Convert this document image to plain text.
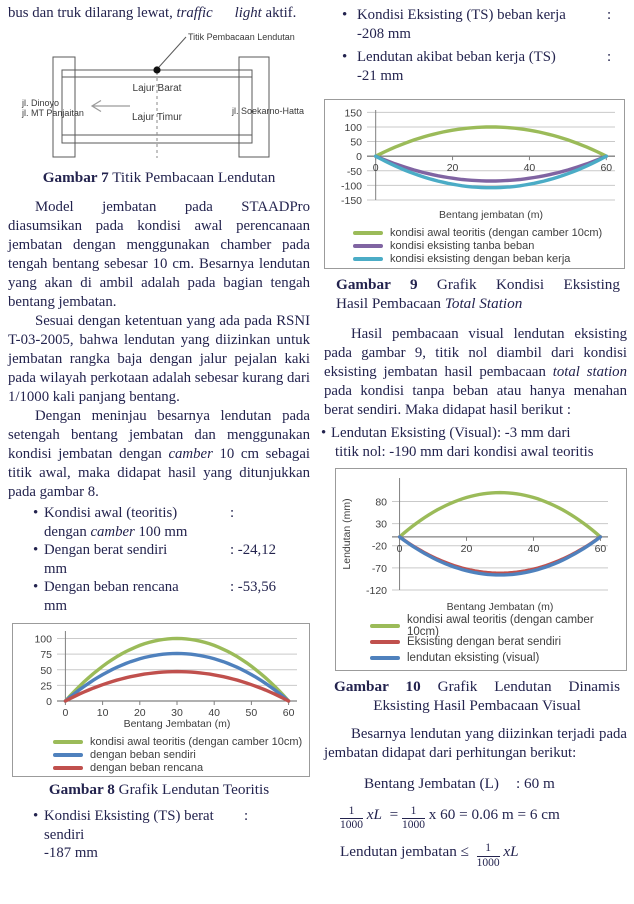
bus dan truk dilarang lewat, traffic light aktif.

Titik Pembacaan Lendutan
Lajur Barat
Lajur Timur
jl. Dinoyo
jl. MT Panjaitan	jl. Soekarno-Hatta
Gambar 7 Titik Pembacaan Lendutan

Model jembatan pada STAADPro diasumsikan pada kondisi awal perencanaan jembatan dengan menggunakan chamber pada tengah bentang sebesar 10 cm. Besarnya lendutan yang akan di ambil adalah pada bagian tengah bentang jembatan.

Sesuai dengan ketentuan yang ada pada RSNI T-03-2005, bahwa lendutan yang diizinkan untuk jembatan rangka baja dengan jalur pejalan kaki pada wilayah perkotaan adalah sebesar kurang dari 1/1000 kali panjang bentang.

Dengan meninjau besarnya lendutan pada setengah bentang jembatan dan menggunakan kondisi jembatan dengan camber 10 cm sebagai titik awal, maka didapat hasil yang ditunjukkan pada gambar 8.

• Kondisi awal (teoritis)	:
dengan camber 100 mm
• Dengan berat sendiri	: -24,12
mm
• Dengan beban rencana	: -53,56
mm
0
25
50
75
100
0	10 20 30 40 50 60
Bentang Jembatan (m)
kondisi awal teoritis (dengan camber 10cm)
dengan beban sendiri
dengan beban rencana
Gambar 8 Grafik Lendutan Teoritis
• Kondisi Eksisting (TS) berat sendiri
:
-187 mm
• Kondisi Eksisting (TS) beban kerja	:
-208 mm
• Lendutan akibat beban kerja (TS)	:
-21 mm
-150
-100
-50
0
50
100
150
0	20	40	60
Bentang jembatan (m)
kondisi awal teoritis (dengan camber 10cm)
kondisi eksisting tanba beban
kondisi eksisting dengan beban kerja
Gambar 9 Grafik Kondisi Eksisting
Hasil Pembacaan Total Station

Hasil pembacaan visual lendutan eksisting pada gambar 9, titik nol diambil dari kondisi eksisting jembatan hasil pembacaan total station pada kondisi tanpa beban atau hanya menahan berat sendiri. Maka didapat hasil berikut :

• Lendutan Eksisting (Visual): -3 mm dari
titik nol: -190 mm dari kondisi awal teoritis
80
30
-20
-70
-120
0	20	40	60
Bentang Jembatan (m)
Lendutan (mm)
kondisi awal teoritis (dengan camber 10cm)
Eksisting dengan berat sendiri
lendutan eksisting (visual)
Gambar 10 Grafik Lendutan Dinamis
Eksisting Hasil Pembacaan Visual

Besarnya lendutan yang diizinkan terjadi pada jembatan didapat dari perhitungan berikut:

Bentang Jembatan (L) : 60 m

$\frac{1}{1000}$ xL = $\frac{1}{1000}$ x 60 = 0.06 m = 6 cm

Lendutan jembatan ≤ $\frac{1}{1000}$ xL
